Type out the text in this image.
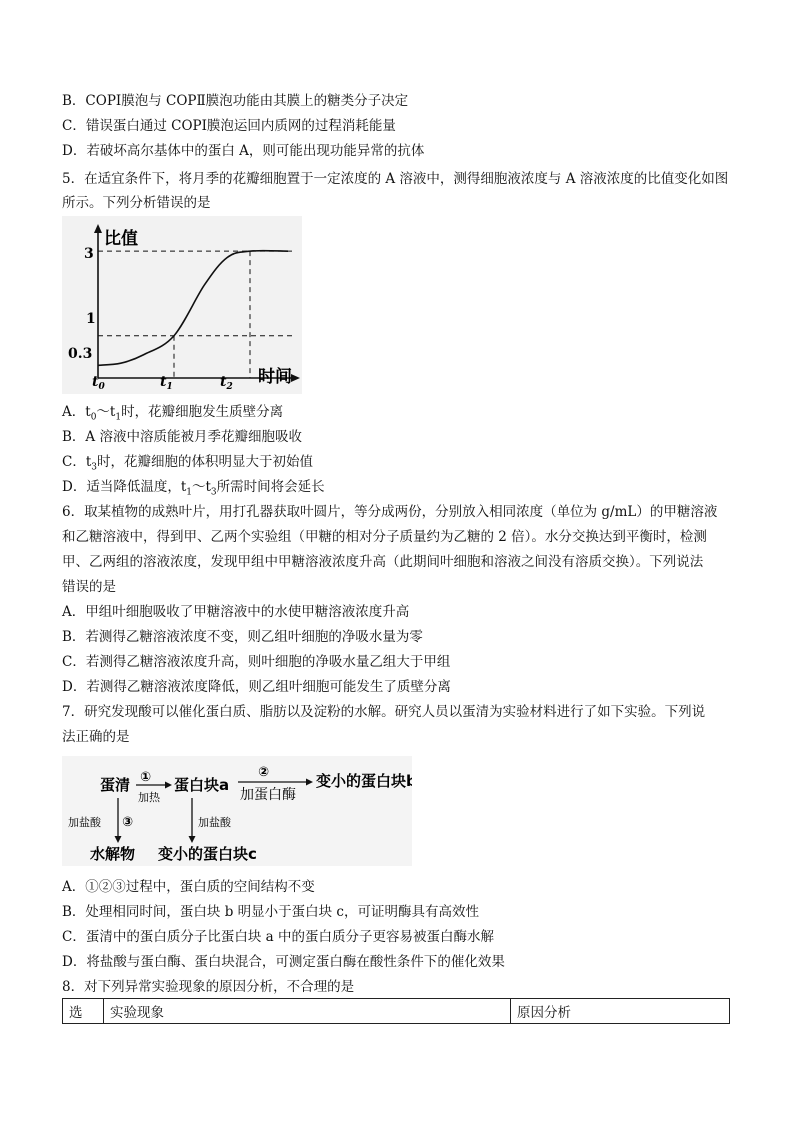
B．COPⅠ膜泡与 COPⅡ膜泡功能由其膜上的糖类分子决定
C．错误蛋白通过 COPⅠ膜泡运回内质网的过程消耗能量
D．若破坏高尔基体中的蛋白 A，则可能出现功能异常的抗体
5．在适宜条件下，将月季的花瓣细胞置于一定浓度的 A 溶液中，测得细胞液浓度与 A 溶液浓度的比值变化如图所示。下列分析错误的是
比值
时间
3
1
0.3
$t_0$	$t_1$	$t_2$
A．$t_0\sim t_1$时，花瓣细胞发生质壁分离
B．A 溶液中溶质能被月季花瓣细胞吸收
C．$t_3$时，花瓣细胞的体积明显大于初始值
D．适当降低温度，$t_1\sim t_3$所需时间将会延长
6．取某植物的成熟叶片，用打孔器获取叶圆片，等分成两份，分别放入相同浓度（单位为 g/mL）的甲糖溶液
和乙糖溶液中，得到甲、乙两个实验组（甲糖的相对分子质量约为乙糖的 2 倍）。水分交换达到平衡时，检测
甲、乙两组的溶液浓度，发现甲组中甲糖溶液浓度升高（此期间叶细胞和溶液之间没有溶质交换）。下列说法
错误的是
A．甲组叶细胞吸收了甲糖溶液中的水使甲糖溶液浓度升高
B．若测得乙糖溶液浓度不变，则乙组叶细胞的净吸水量为零
C．若测得乙糖溶液浓度升高，则叶细胞的净吸水量乙组大于甲组
D．若测得乙糖溶液浓度降低，则乙组叶细胞可能发生了质壁分离
7．研究发现酸可以催化蛋白质、脂肪以及淀粉的水解。研究人员以蛋清为实验材料进行了如下实验。下列说
法正确的是
蛋清 ①
加热
蛋白块a
②
加蛋白酶
变小的蛋白块b
加盐酸 ③
水解物
加盐酸
变小的蛋白块c
A．①②③过程中，蛋白质的空间结构不变
B．处理相同时间，蛋白块 b 明显小于蛋白块 c，可证明酶具有高效性
C．蛋清中的蛋白质分子比蛋白块 a 中的蛋白质分子更容易被蛋白酶水解
D．将盐酸与蛋白酶、蛋白块混合，可测定蛋白酶在酸性条件下的催化效果
8．对下列异常实验现象的原因分析，不合理的是
选	实验现象	原因分析
